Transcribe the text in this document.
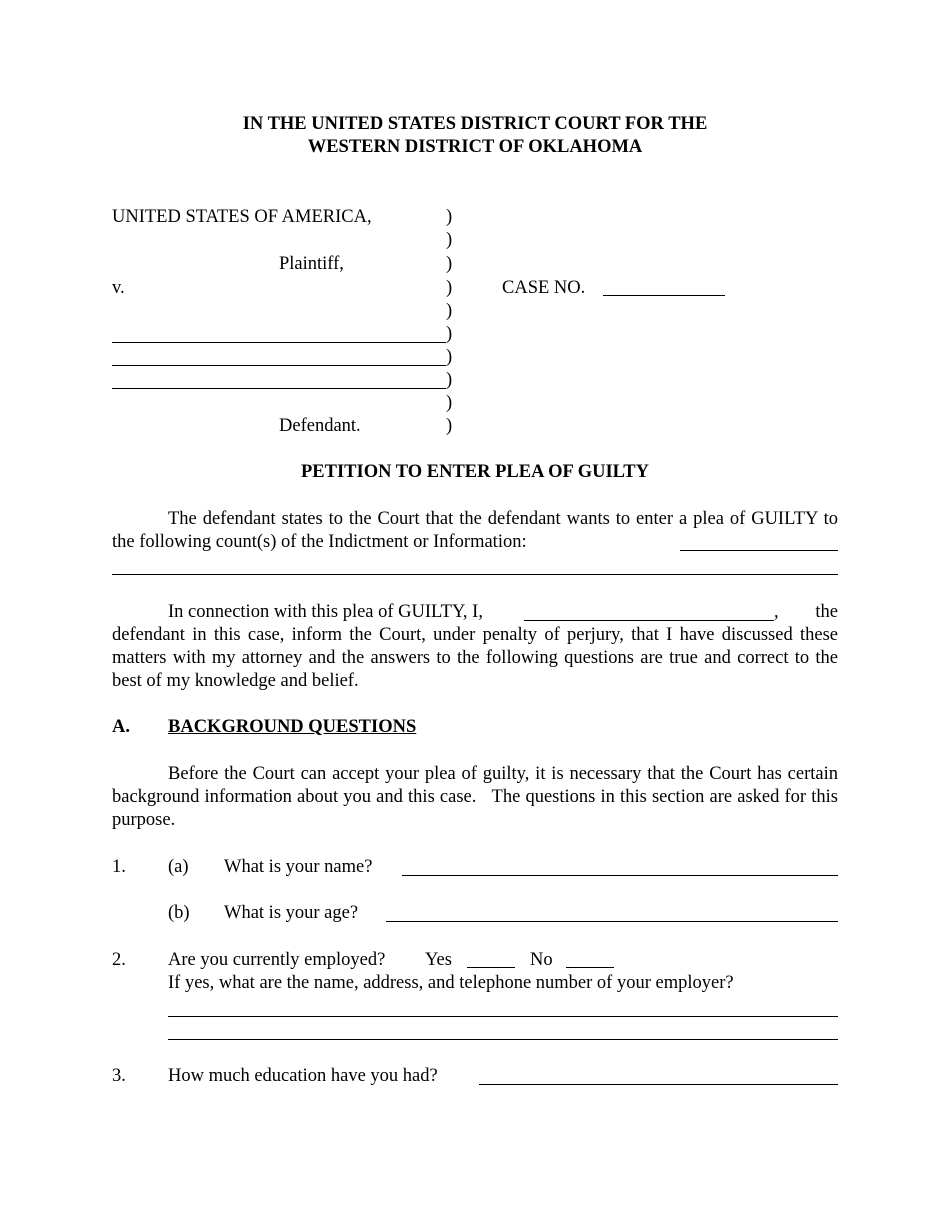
IN THE UNITED STATES DISTRICT COURT FOR THE
WESTERN DISTRICT OF OKLAHOMA
UNITED STATES OF AMERICA,
Plaintiff,
v.
Defendant.
)
)
)
)
)
)
)
)
)
)
CASE NO.
PETITION TO ENTER PLEA OF GUILTY
The defendant states to the Court that the defendant wants to enter a plea of GUILTY to the following count(s) of the Indictment or Information:
In connection with this plea of GUILTY, I,	, the defendant in this case, inform the Court, under penalty of perjury, that I have discussed these matters with my attorney and the answers to the following questions are true and correct to the best of my knowledge and belief.
A. BACKGROUND QUESTIONS
Before the Court can accept your plea of guilty, it is necessary that the Court has certain background information about you and this case.   The questions in this section are asked for this purpose.
1. (a) What is your name?
(b) What is your age?
2. Are you currently employed? Yes	No
If yes, what are the name, address, and telephone number of your employer?
3. How much education have you had?
